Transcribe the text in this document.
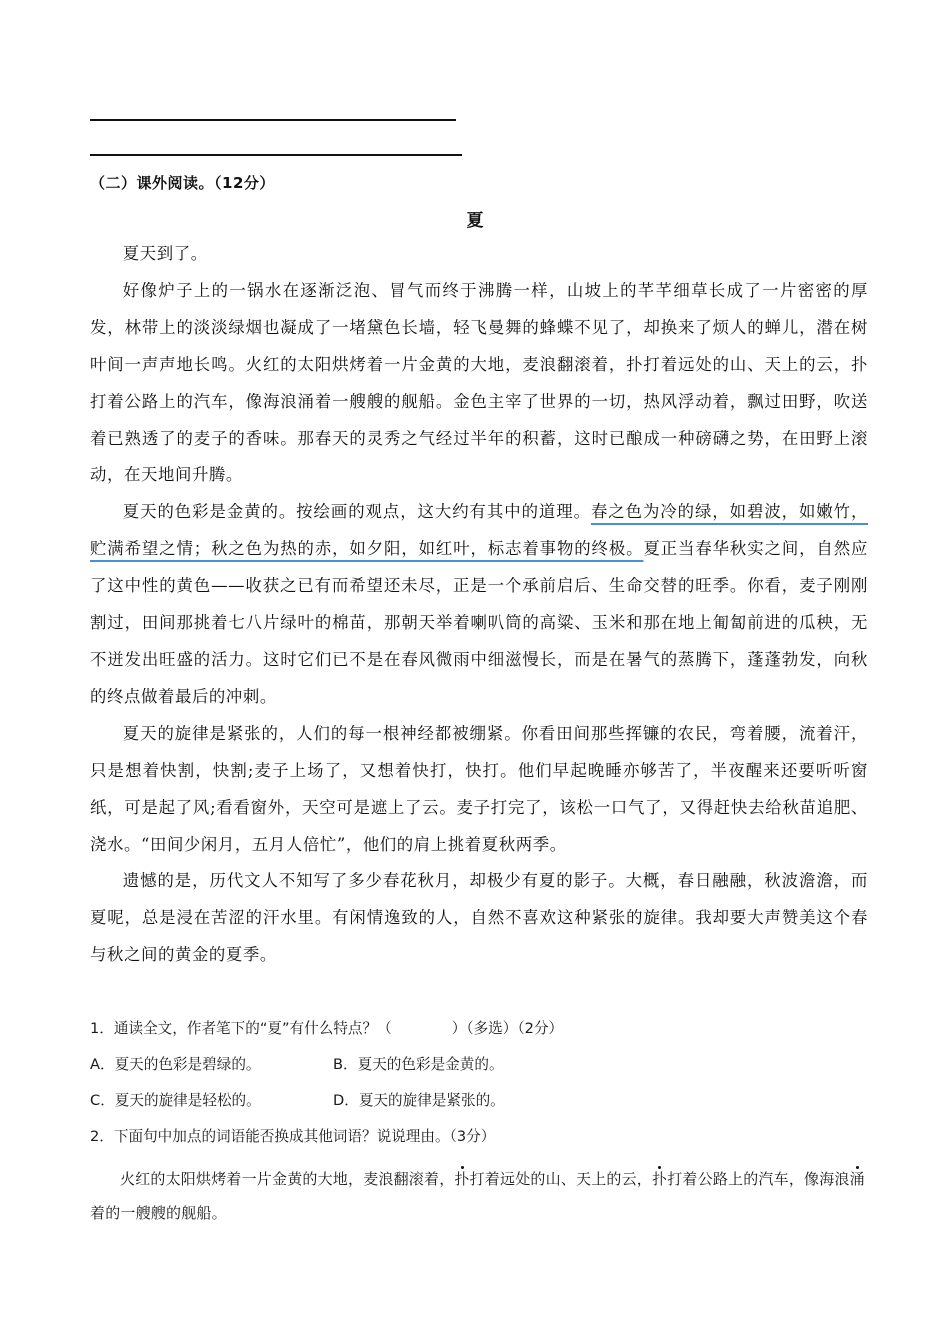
（二）课外阅读。（12分）
夏

夏天到了。

好像炉子上的一锅水在逐渐泛泡、冒气而终于沸腾一样，山坡上的芊芊细草长成了一片密密的厚发，林带上的淡淡绿烟也凝成了一堵黛色长墙，轻飞曼舞的蜂蝶不见了，却换来了烦人的蝉儿，潜在树叶间一声声地长鸣。火红的太阳烘烤着一片金黄的大地，麦浪翻滚着，扑打着远处的山、天上的云，扑打着公路上的汽车，像海浪涌着一艘艘的舰船。金色主宰了世界的一切，热风浮动着，飘过田野，吹送着已熟透了的麦子的香味。那春天的灵秀之气经过半年的积蓄，这时已酿成一种磅礴之势，在田野上滚动，在天地间升腾。

夏天的色彩是金黄的。按绘画的观点，这大约有其中的道理。春之色为冷的绿，如碧波，如嫩竹，贮满希望之情；秋之色为热的赤，如夕阳，如红叶，标志着事物的终极。夏正当春华秋实之间，自然应了这中性的黄色——收获之已有而希望还未尽，正是一个承前启后、生命交替的旺季。你看，麦子刚刚割过，田间那挑着七八片绿叶的棉苗，那朝天举着喇叭筒的高粱、玉米和那在地上匍匐前进的瓜秧，无不迸发出旺盛的活力。这时它们已不是在春风微雨中细滋慢长，而是在暑气的蒸腾下，蓬蓬勃发，向秋的终点做着最后的冲刺。

夏天的旋律是紧张的，人们的每一根神经都被绷紧。你看田间那些挥镰的农民，弯着腰，流着汗，只是想着快割，快割;麦子上场了，又想着快打，快打。他们早起晚睡亦够苦了，半夜醒来还要听听窗纸，可是起了风;看看窗外，天空可是遮上了云。麦子打完了，该松一口气了，又得赶快去给秋苗追肥、浇水。“田间少闲月，五月人倍忙”，他们的肩上挑着夏秋两季。

遗憾的是，历代文人不知写了多少春花秋月，却极少有夏的影子。大概，春日融融，秋波澹澹，而夏呢，总是浸在苦涩的汗水里。有闲情逸致的人，自然不喜欢这种紧张的旋律。我却要大声赞美这个春与秋之间的黄金的夏季。

1．通读全文，作者笔下的“夏”有什么特点？（	）（多选）（2分）
A．夏天的色彩是碧绿的。	B．夏天的色彩是金黄的。
C．夏天的旋律是轻松的。	D．夏天的旋律是紧张的。
2．下面句中加点的词语能否换成其他词语？说说理由。（3分）
火红的太阳烘烤着一片金黄的大地，麦浪翻滚着，扑打着远处的山、天上的云，扑打着公路上的汽车，像海浪涌着的一艘艘的舰船。
